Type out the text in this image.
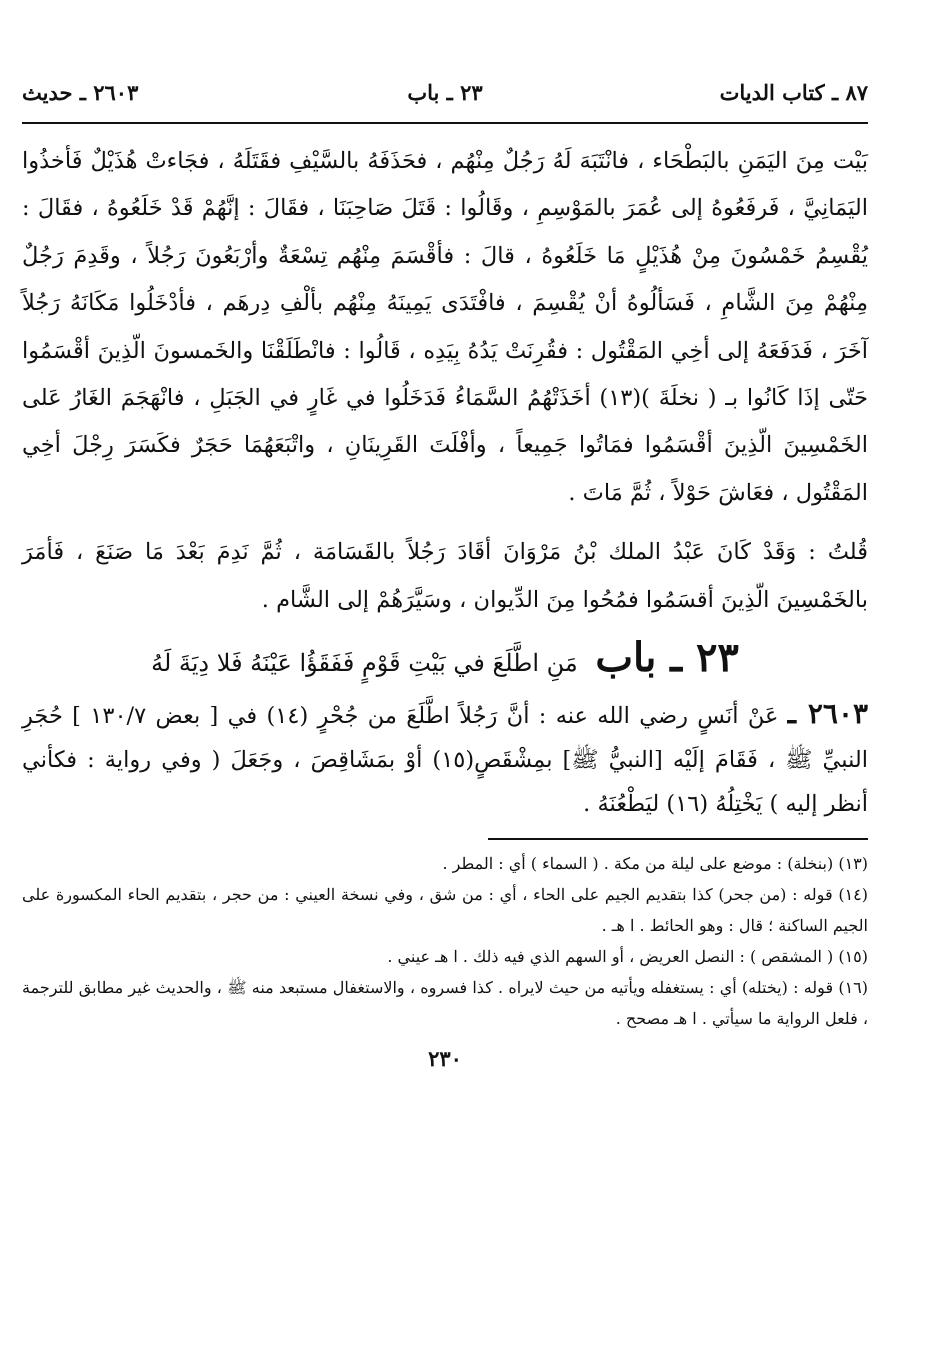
٨٧ ـ كتاب الديات
٢٣ ـ باب
٢٦٠٣ ـ حديث

بَيْت مِنَ اليَمَنِ بالبَطْحَاء ، فانْتَبَهَ لَهُ رَجُلٌ مِنْهُم ، فحَذَفَهُ بالسَّيْفِ فقَتَلَهُ ، فجَاءتْ هُذَيْلٌ فَأخذُوا اليَمَانِيَّ ، فَرفَعُوهُ إلى عُمَرَ بالمَوْسِمِ ، وقَالُوا : قَتَلَ صَاحِبَنَا ، فقَالَ : إنَّهُمْ قَدْ خَلَعُوهُ ، فقَالَ : يُقْسِمُ خَمْسُونَ مِنْ هُذَيْلٍ مَا خَلَعُوهُ ، قالَ : فأقْسَمَ مِنْهُم تِسْعَةٌ وأرْبَعُونَ رَجُلاً ، وقَدِمَ رَجُلٌ مِنْهُمْ مِنَ الشَّامِ ، فَسَألُوهُ أنْ يُقْسِمَ ، فافْتَدَى يَمِينَهُ مِنْهُم بألْفِ دِرهَم ، فأدْخَلُوا مَكَانَهُ رَجُلاً آخَرَ ، فَدَفَعَهُ إلى أخِي المَقْتُول : فقُرِنَتْ يَدُهُ بِيَدِه ، قَالُوا : فانْطَلَقْنَا والخَمسونَ الّذِينَ أقْسَمُوا حَتّى إذَا كَانُوا بـ ( نخلَةَ )(١٣) أخَذَتْهُمُ السَّمَاءُ فَدَخَلُوا في غَارٍ في الجَبَلِ ، فانْهَجَمَ الغَارُ عَلى الخَمْسِينَ الّذِينَ أقْسَمُوا فمَاتُوا جَمِيعاً ، وأفْلَتَ القَرِينَانِ ، واتْبَعَهُمَا حَجَرٌ فكَسَرَ رِجْلَ أخِي المَقْتُول ، فعَاشَ حَوْلاً ، ثُمَّ مَاتَ .

قُلتُ : وَقَدْ كَانَ عَبْدُ الملك بْنُ مَرْوَانَ أقَادَ رَجُلاً بالقَسَامَة ، ثُمَّ نَدِمَ بَعْدَ مَا صَنَعَ ، فَأمَرَ بالخَمْسِينَ الّذِينَ أقسَمُوا فمُحُوا مِنَ الدِّيوان ، وسَيَّرَهُمْ إلى الشَّام .

٢٣ ـ باب مَنِ اطَّلَعَ في بَيْتِ قَوْمٍ فَفَقَؤُا عَيْنَهُ فَلا دِيَةَ لَهُ

٢٦٠٣ ـ عَنْ أنَسٍ رضي الله عنه : أنَّ رَجُلاً اطَّلَعَ من جُحْرٍ (١٤) في [ بعض ١٣٠/٧ ] حُجَرِ النبيِّ ﷺ ، فَقَامَ إلَيْه [النبيُّ ﷺ] بمِشْقَصٍ(١٥) أوْ بمَشَاقِصَ ، وجَعَلَ ( وفي رواية : فكأني أنظر إليه ) يَخْتِلُهُ (١٦) ليَطْعُنَهُ .

(١٣) (بنخلة) : موضع على ليلة من مكة . ( السماء ) أي : المطر .

(١٤) قوله : (من جحر) كذا بتقديم الجيم على الحاء ، أي : من شق ، وفي نسخة العيني : من حجر ، بتقديم الحاء المكسورة على الجيم الساكنة ؛ قال : وهو الحائط . ا هـ .

(١٥) ( المشقص ) : النصل العريض ، أو السهم الذي فيه ذلك . ا هـ عيني .

(١٦) قوله : (يختله) أي : يستغفله ويأتيه من حيث لايراه . كذا فسروه ، والاستغفال مستبعد منه ﷺ ، والحديث غير مطابق للترجمة ، فلعل الرواية ما سيأتي . ا هـ مصحح .

٢٣٠
